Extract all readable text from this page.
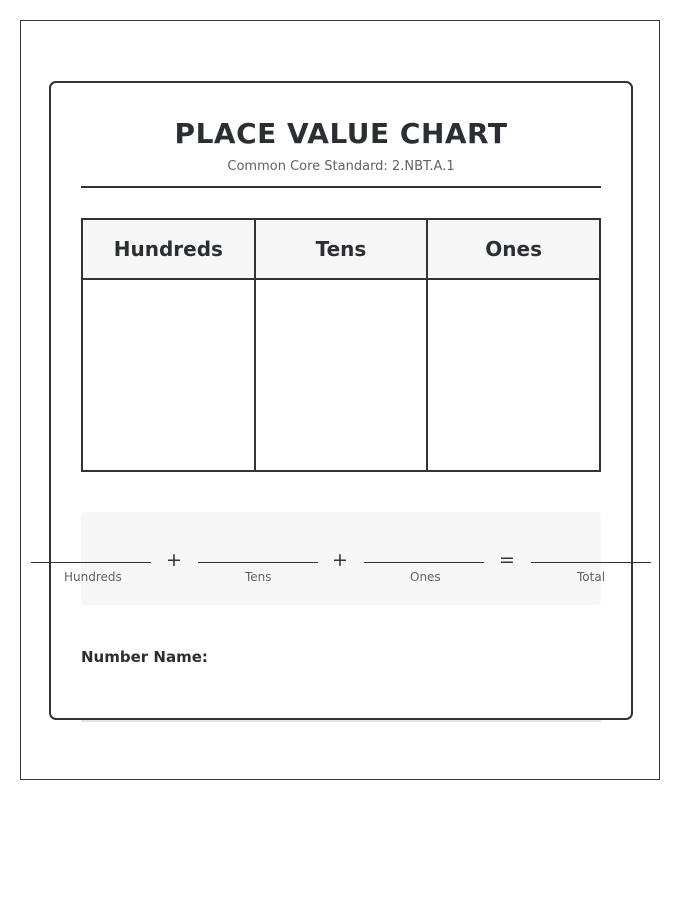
PLACE VALUE CHART
Common Core Standard: 2.NBT.A.1
Hundreds	Tens	Ones

Hundreds
+
Tens
+
Ones
=
Total
Number Name:
